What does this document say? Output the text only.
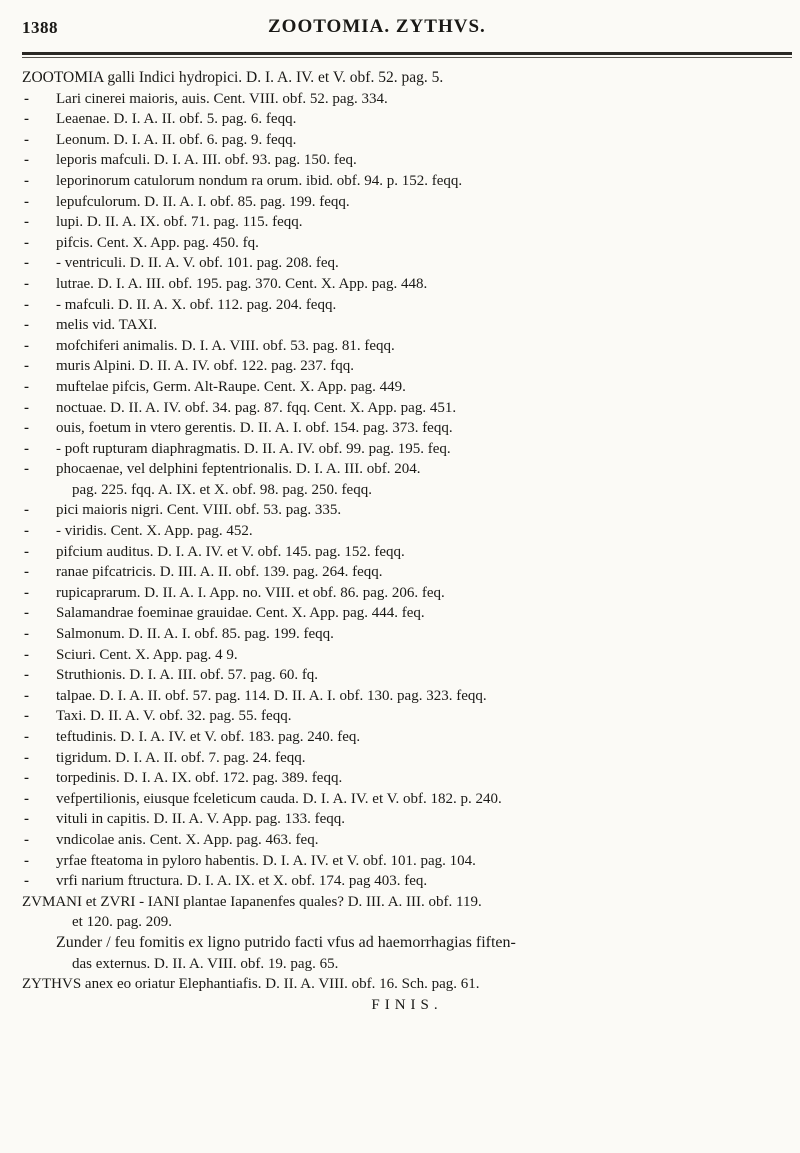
1388	ZOOTOMIA. ZYTHVS.
ZOOTOMIA galli Indici hydropici. D. I. A. IV. et V. obf. 52. pag. 5.
-	Lari cinerei maioris, auis. Cent. VIII. obf. 52. pag. 334.
-	Leaenae. D. I. A. II. obf. 5. pag. 6. feqq.
-	Leonum. D. I. A. II. obf. 6. pag. 9. feqq.
-	leporis mafculi. D. I. A. III. obf. 93. pag. 150. feq.
-	leporinorum catulorum nondum ra orum. ibid. obf. 94. p. 152. feqq.
-	lepufculorum. D. II. A. I. obf. 85. pag. 199. feqq.
-	lupi. D. II. A. IX. obf. 71. pag. 115. feqq.
-	pifcis. Cent. X. App. pag. 450. fq.
-	- ventriculi. D. II. A. V. obf. 101. pag. 208. feq.
-	lutrae. D. I. A. III. obf. 195. pag. 370. Cent. X. App. pag. 448.
-	- mafculi. D. II. A. X. obf. 112. pag. 204. feqq.
-	melis vid. TAXI.
-	mofchiferi animalis. D. I. A. VIII. obf. 53. pag. 81. feqq.
-	muris Alpini. D. II. A. IV. obf. 122. pag. 237. fqq.
-	muftelae pifcis, Germ. Alt-Raupe. Cent. X. App. pag. 449.
-	noctuae. D. II. A. IV. obf. 34. pag. 87. fqq. Cent. X. App. pag. 451.
-	ouis, foetum in vtero gerentis. D. II. A. I. obf. 154. pag. 373. feqq.
-	- poft rupturam diaphragmatis. D. II. A. IV. obf. 99. pag. 195. feq.
-	phocaenae, vel delphini feptentrionalis. D. I. A. III. obf. 204.
pag. 225. fqq. A. IX. et X. obf. 98. pag. 250. feqq.
-	pici maioris nigri. Cent. VIII. obf. 53. pag. 335.
-	- viridis. Cent. X. App. pag. 452.
-	pifcium auditus. D. I. A. IV. et V. obf. 145. pag. 152. feqq.
-	ranae pifcatricis. D. III. A. II. obf. 139. pag. 264. feqq.
-	rupicaprarum. D. II. A. I. App. no. VIII. et obf. 86. pag. 206. feq.
-	Salamandrae foeminae grauidae. Cent. X. App. pag. 444. feq.
-	Salmonum. D. II. A. I. obf. 85. pag. 199. feqq.
-	Sciuri. Cent. X. App. pag. 4 9.
-	Struthionis. D. I. A. III. obf. 57. pag. 60. fq.
-	talpae. D. I. A. II. obf. 57. pag. 114. D. II. A. I. obf. 130. pag. 323. feqq.
-	Taxi. D. II. A. V. obf. 32. pag. 55. feqq.
-	teftudinis. D. I. A. IV. et V. obf. 183. pag. 240. feq.
-	tigridum. D. I. A. II. obf. 7. pag. 24. feqq.
-	torpedinis. D. I. A. IX. obf. 172. pag. 389. feqq.
-	vefpertilionis, eiusque fceleticum cauda. D. I. A. IV. et V. obf. 182. p. 240.
-	vituli in capitis. D. II. A. V. App. pag. 133. feqq.
-	vndicolae anis. Cent. X. App. pag. 463. feq.
-	yrfae fteatoma in pyloro habentis. D. I. A. IV. et V. obf. 101. pag. 104.
-	vrfi narium ftructura. D. I. A. IX. et X. obf. 174. pag 403. feq.
ZVMANI et ZVRI - IANI plantae Iapanenfes quales? D. III. A. III. obf. 119.
et 120. pag. 209.
Zunder / feu fomitis ex ligno putrido facti vfus ad haemorrhagias fiften-
das externus. D. II. A. VIII. obf. 19. pag. 65.
ZYTHVS anex eo oriatur Elephantiafis. D. II. A. VIII. obf. 16. Sch. pag. 61.
FINIS.
